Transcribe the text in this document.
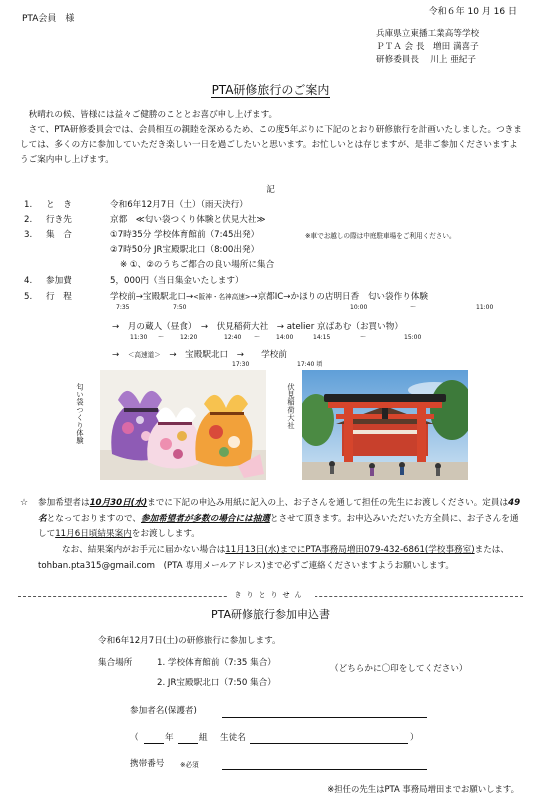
令和６年 10 月 16 日
PTA会員　様
兵庫県立東播工業高等学校
ＰＴＡ 会 長　増田 満喜子
研修委員長　 川上 亜紀子
PTA研修旅行のご案内
　秋晴れの候、皆様には益々ご健勝のこととお喜び申し上げます。
　さて、PTA研修委員会では、会員相互の親睦を深めるため、この度5年ぶりに下記のとおり研修旅行を計画いたしました。つきましては、多くの方に参加していただき楽しい一日を過ごしたいと思います。お忙しいとは存じますが、是非ご参加くださいますようご案内申し上げます。
記
1. と　き	令和6年12月7日（土）（雨天決行）
2. 行き先	京都　≪匂い袋つくり体験と伏見大社≫
3. 集　合	①7時35分 学校体育館前（7:45出発）	※車でお越しの際は中庭駐車場をご利用ください。
②7時50分 JR宝殿駅北口（8:00出発）
※ ①、②のうちご都合の良い場所に集合
4. 参加費	5，000円（当日集金いたします）
5. 行　程	学校前→宝殿駅北口→<阪神・名神高速>→京都IC→かほりの店明日香　匂い袋作り体験
7:35	7:50	10:00	～	11:00
→　月の蔵人（昼食）　→　伏見稲荷大社　→ atelier 京ばあむ（お買い物）
11:30 ～	12:20	12:40 ～	14:00	14:15	～	15:00
→　 ＜高速道＞　 →　宝殿駅北口　→　　学校前
17:30	17:40 頃
匂い袋つくり体験	伏見稲荷大社
☆ 参加希望者は10月30日(水)までに下記の申込み用紙に記入の上、お子さんを通して担任の先生にお渡しください。定員は49名となっておりますので、参加希望者が多数の場合には抽選とさせて頂きます。お申込みいただいた方全員に、お子さんを通して11月6日頃結果案内をお渡しします。
なお、結果案内がお手元に届かない場合は11月13日(水)までにPTA事務局増田079-432-6861(学校事務室)または、tohban.pta315@gmail.com　(PTA 専用メールアドレス)まで必ずご連絡くださいますようお願いします。
きりとりせん
PTA研修旅行参加申込書
令和6年12月7日(土)の研修旅行に参加します。
集合場所	1. 学校体育館前（7:35 集合）
2. JR宝殿駅北口（7:50 集合）
（どちらかに〇印をしてください）
参加者名(保護者)
（	年	組 生徒名	）
携帯番号 ※必須
※担任の先生はPTA 事務局増田までお願いします。
